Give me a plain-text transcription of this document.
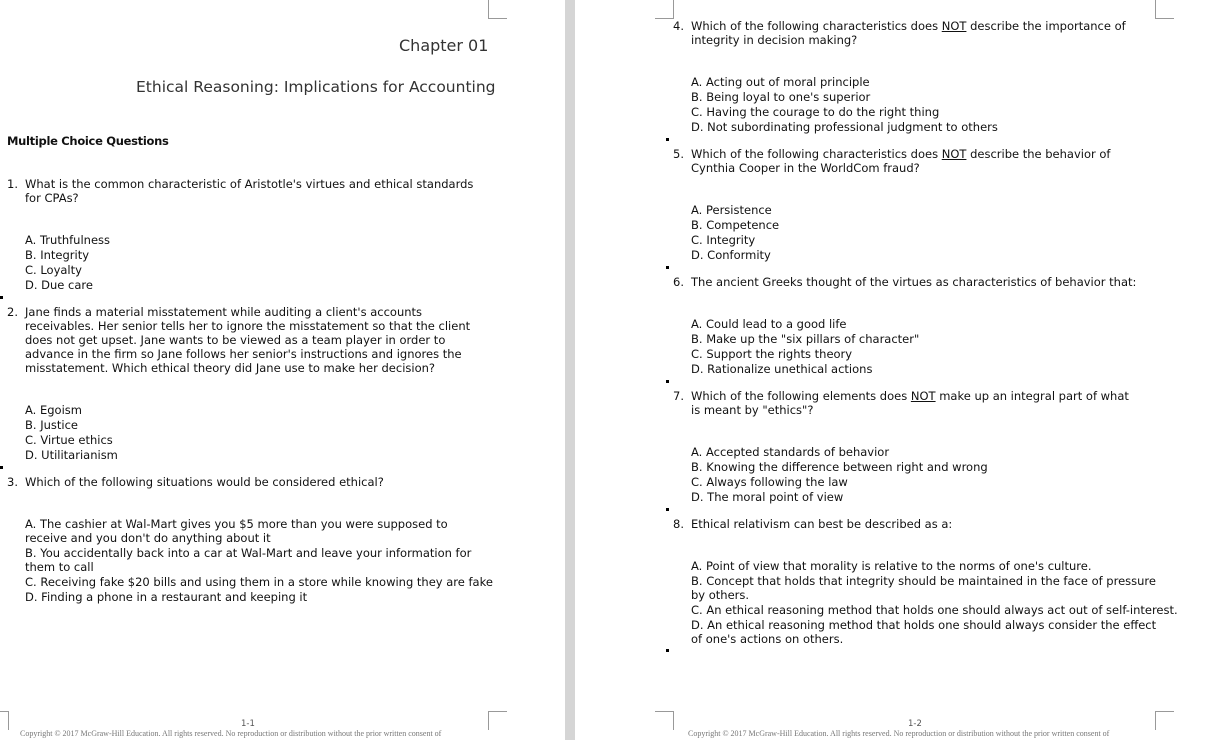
Chapter 01
Ethical Reasoning: Implications for Accounting
Multiple Choice Questions
1. What is the common characteristic of Aristotle's virtues and ethical standards for CPAs?
A. Truthfulness
B. Integrity
C. Loyalty
D. Due care
2. Jane finds a material misstatement while auditing a client's accounts receivables. Her senior tells her to ignore the misstatement so that the client does not get upset. Jane wants to be viewed as a team player in order to advance in the firm so Jane follows her senior's instructions and ignores the misstatement. Which ethical theory did Jane use to make her decision?
A. Egoism
B. Justice
C. Virtue ethics
D. Utilitarianism
3. Which of the following situations would be considered ethical?
A. The cashier at Wal-Mart gives you $5 more than you were supposed to receive and you don't do anything about it
B. You accidentally back into a car at Wal-Mart and leave your information for them to call
C. Receiving fake $20 bills and using them in a store while knowing they are fake
D. Finding a phone in a restaurant and keeping it
1-1
Copyright © 2017 McGraw-Hill Education. All rights reserved. No reproduction or distribution without the prior written consent of
4. Which of the following characteristics does NOT describe the importance of integrity in decision making?
A. Acting out of moral principle
B. Being loyal to one's superior
C. Having the courage to do the right thing
D. Not subordinating professional judgment to others
5. Which of the following characteristics does NOT describe the behavior of Cynthia Cooper in the WorldCom fraud?
A. Persistence
B. Competence
C. Integrity
D. Conformity
6. The ancient Greeks thought of the virtues as characteristics of behavior that:
A. Could lead to a good life
B. Make up the "six pillars of character"
C. Support the rights theory
D. Rationalize unethical actions
7. Which of the following elements does NOT make up an integral part of what is meant by "ethics"?
A. Accepted standards of behavior
B. Knowing the difference between right and wrong
C. Always following the law
D. The moral point of view
8. Ethical relativism can best be described as a:
A. Point of view that morality is relative to the norms of one's culture.
B. Concept that holds that integrity should be maintained in the face of pressure by others.
C. An ethical reasoning method that holds one should always act out of self-interest.
D. An ethical reasoning method that holds one should always consider the effect of one's actions on others.
1-2
Copyright © 2017 McGraw-Hill Education. All rights reserved. No reproduction or distribution without the prior written consent of
